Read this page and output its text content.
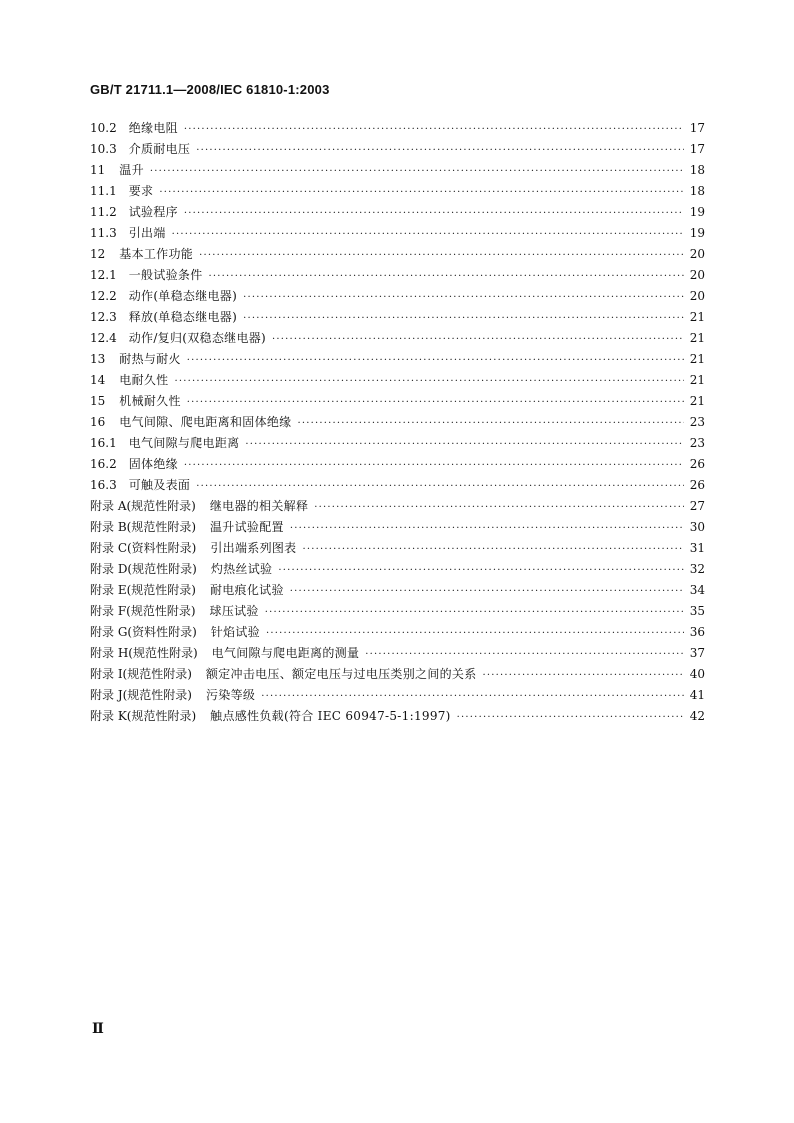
GB/T 21711.1—2008/IEC 61810-1:2003
10.2	绝缘电阻 ·····	17
10.3	介质耐电压 ·····	17
11	温升 ·····	18
11.1	要求 ·····	18
11.2	试验程序 ·····	19
11.3	引出端 ·····	19
12	基本工作功能 ·····	20
12.1	一般试验条件 ·····	20
12.2	动作(单稳态继电器) ·····	20
12.3	释放(单稳态继电器) ·····	21
12.4	动作/复归(双稳态继电器) ·····	21
13	耐热与耐火 ·····	21
14	电耐久性 ·····	21
15	机械耐久性 ·····	21
16	电气间隙、爬电距离和固体绝缘 ·····	23
16.1	电气间隙与爬电距离 ·····	23
16.2	固体绝缘 ·····	26
16.3	可触及表面 ·····	26
附录 A(规范性附录)	继电器的相关解释 ·····	27
附录 B(规范性附录)	温升试验配置 ·····	30
附录 C(资料性附录)	引出端系列图表 ·····	31
附录 D(规范性附录)	灼热丝试验 ·····	32
附录 E(规范性附录)	耐电痕化试验 ·····	34
附录 F(规范性附录)	球压试验 ·····	35
附录 G(资料性附录)	针焰试验 ·····	36
附录 H(规范性附录)	电气间隙与爬电距离的测量 ·····	37
附录 I(规范性附录)	额定冲击电压、额定电压与过电压类别之间的关系 ·····	40
附录 J(规范性附录)	污染等级 ·····	41
附录 K(规范性附录)	触点感性负载(符合 IEC 60947-5-1:1997) ·····	42
Ⅱ
